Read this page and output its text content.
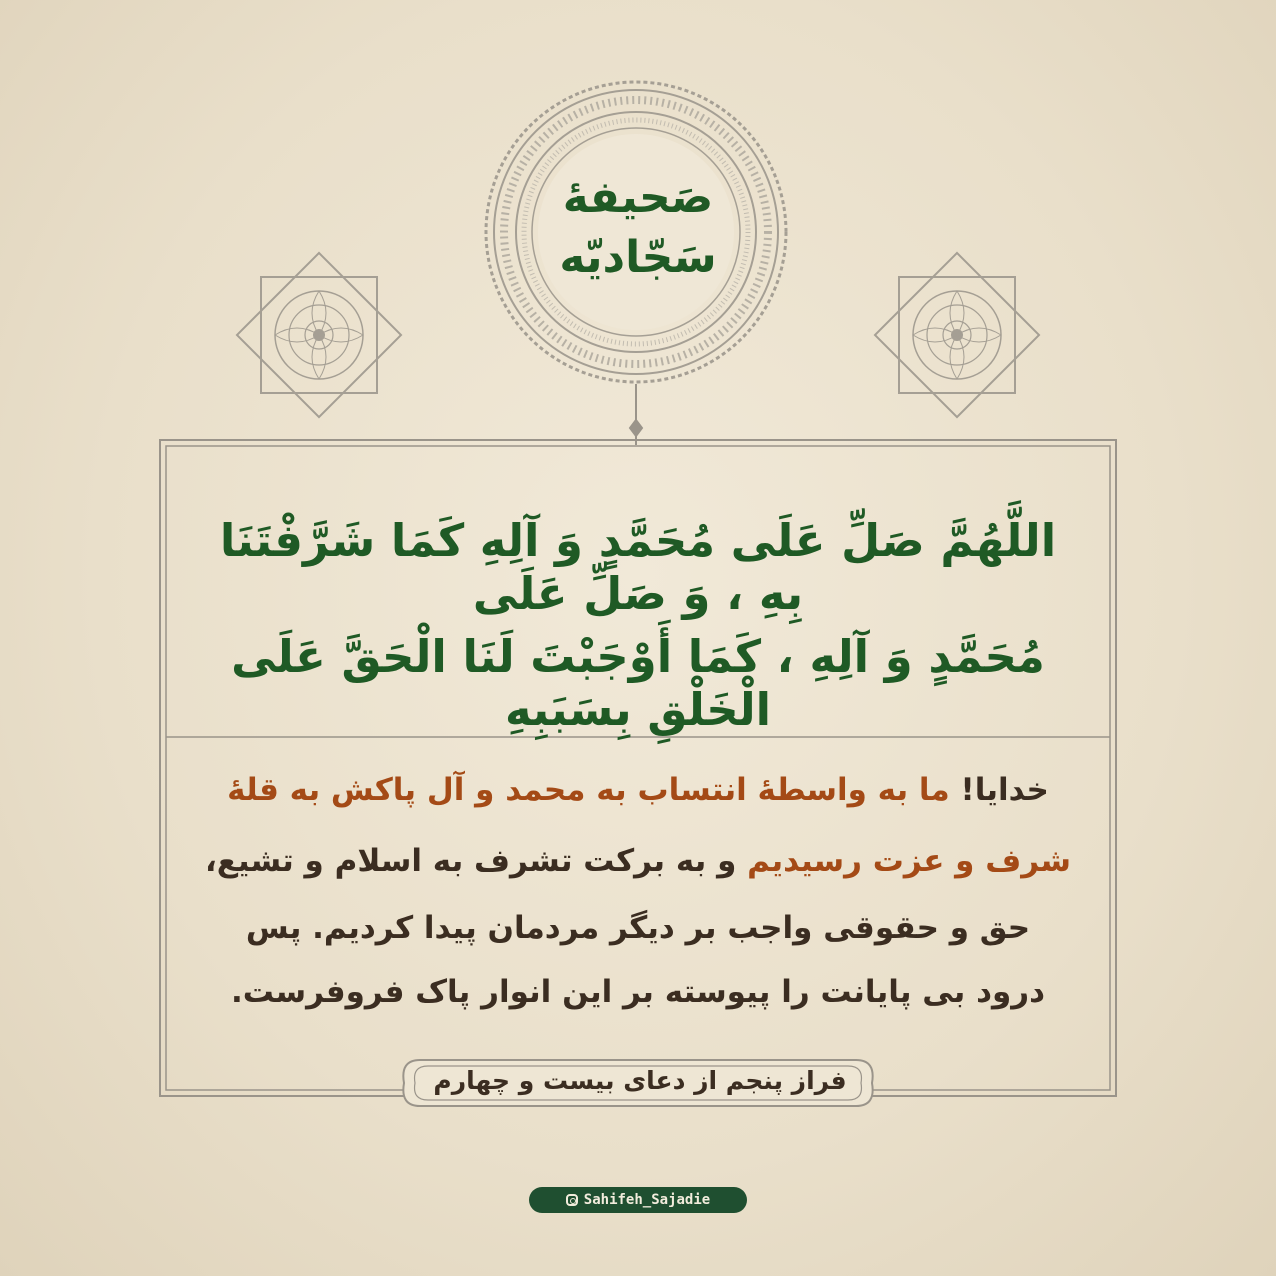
صَحیفهٔ
سَجّادیّه
اللَّهُمَّ صَلِّ عَلَى مُحَمَّدٍ وَ آلِهِ كَمَا شَرَّفْتَنَا بِهِ ، وَ صَلِّ عَلَى
مُحَمَّدٍ وَ آلِهِ ، كَمَا أَوْجَبْتَ لَنَا الْحَقَّ عَلَى الْخَلْقِ بِسَبَبِهِ
خدایا! ما به واسطهٔ انتساب به محمد و آل پاکش به قلهٔ
شرف و عزت رسیدیم و به برکت تشرف به اسلام و تشیع،
حق و حقوقی واجب بر دیگر مردمان پیدا کردیم. پس
درود بی پایانت را پیوسته بر این انوار پاک فروفرست.
فراز پنجم از دعای بیست و چهارم
Sahifeh_Sajadie
